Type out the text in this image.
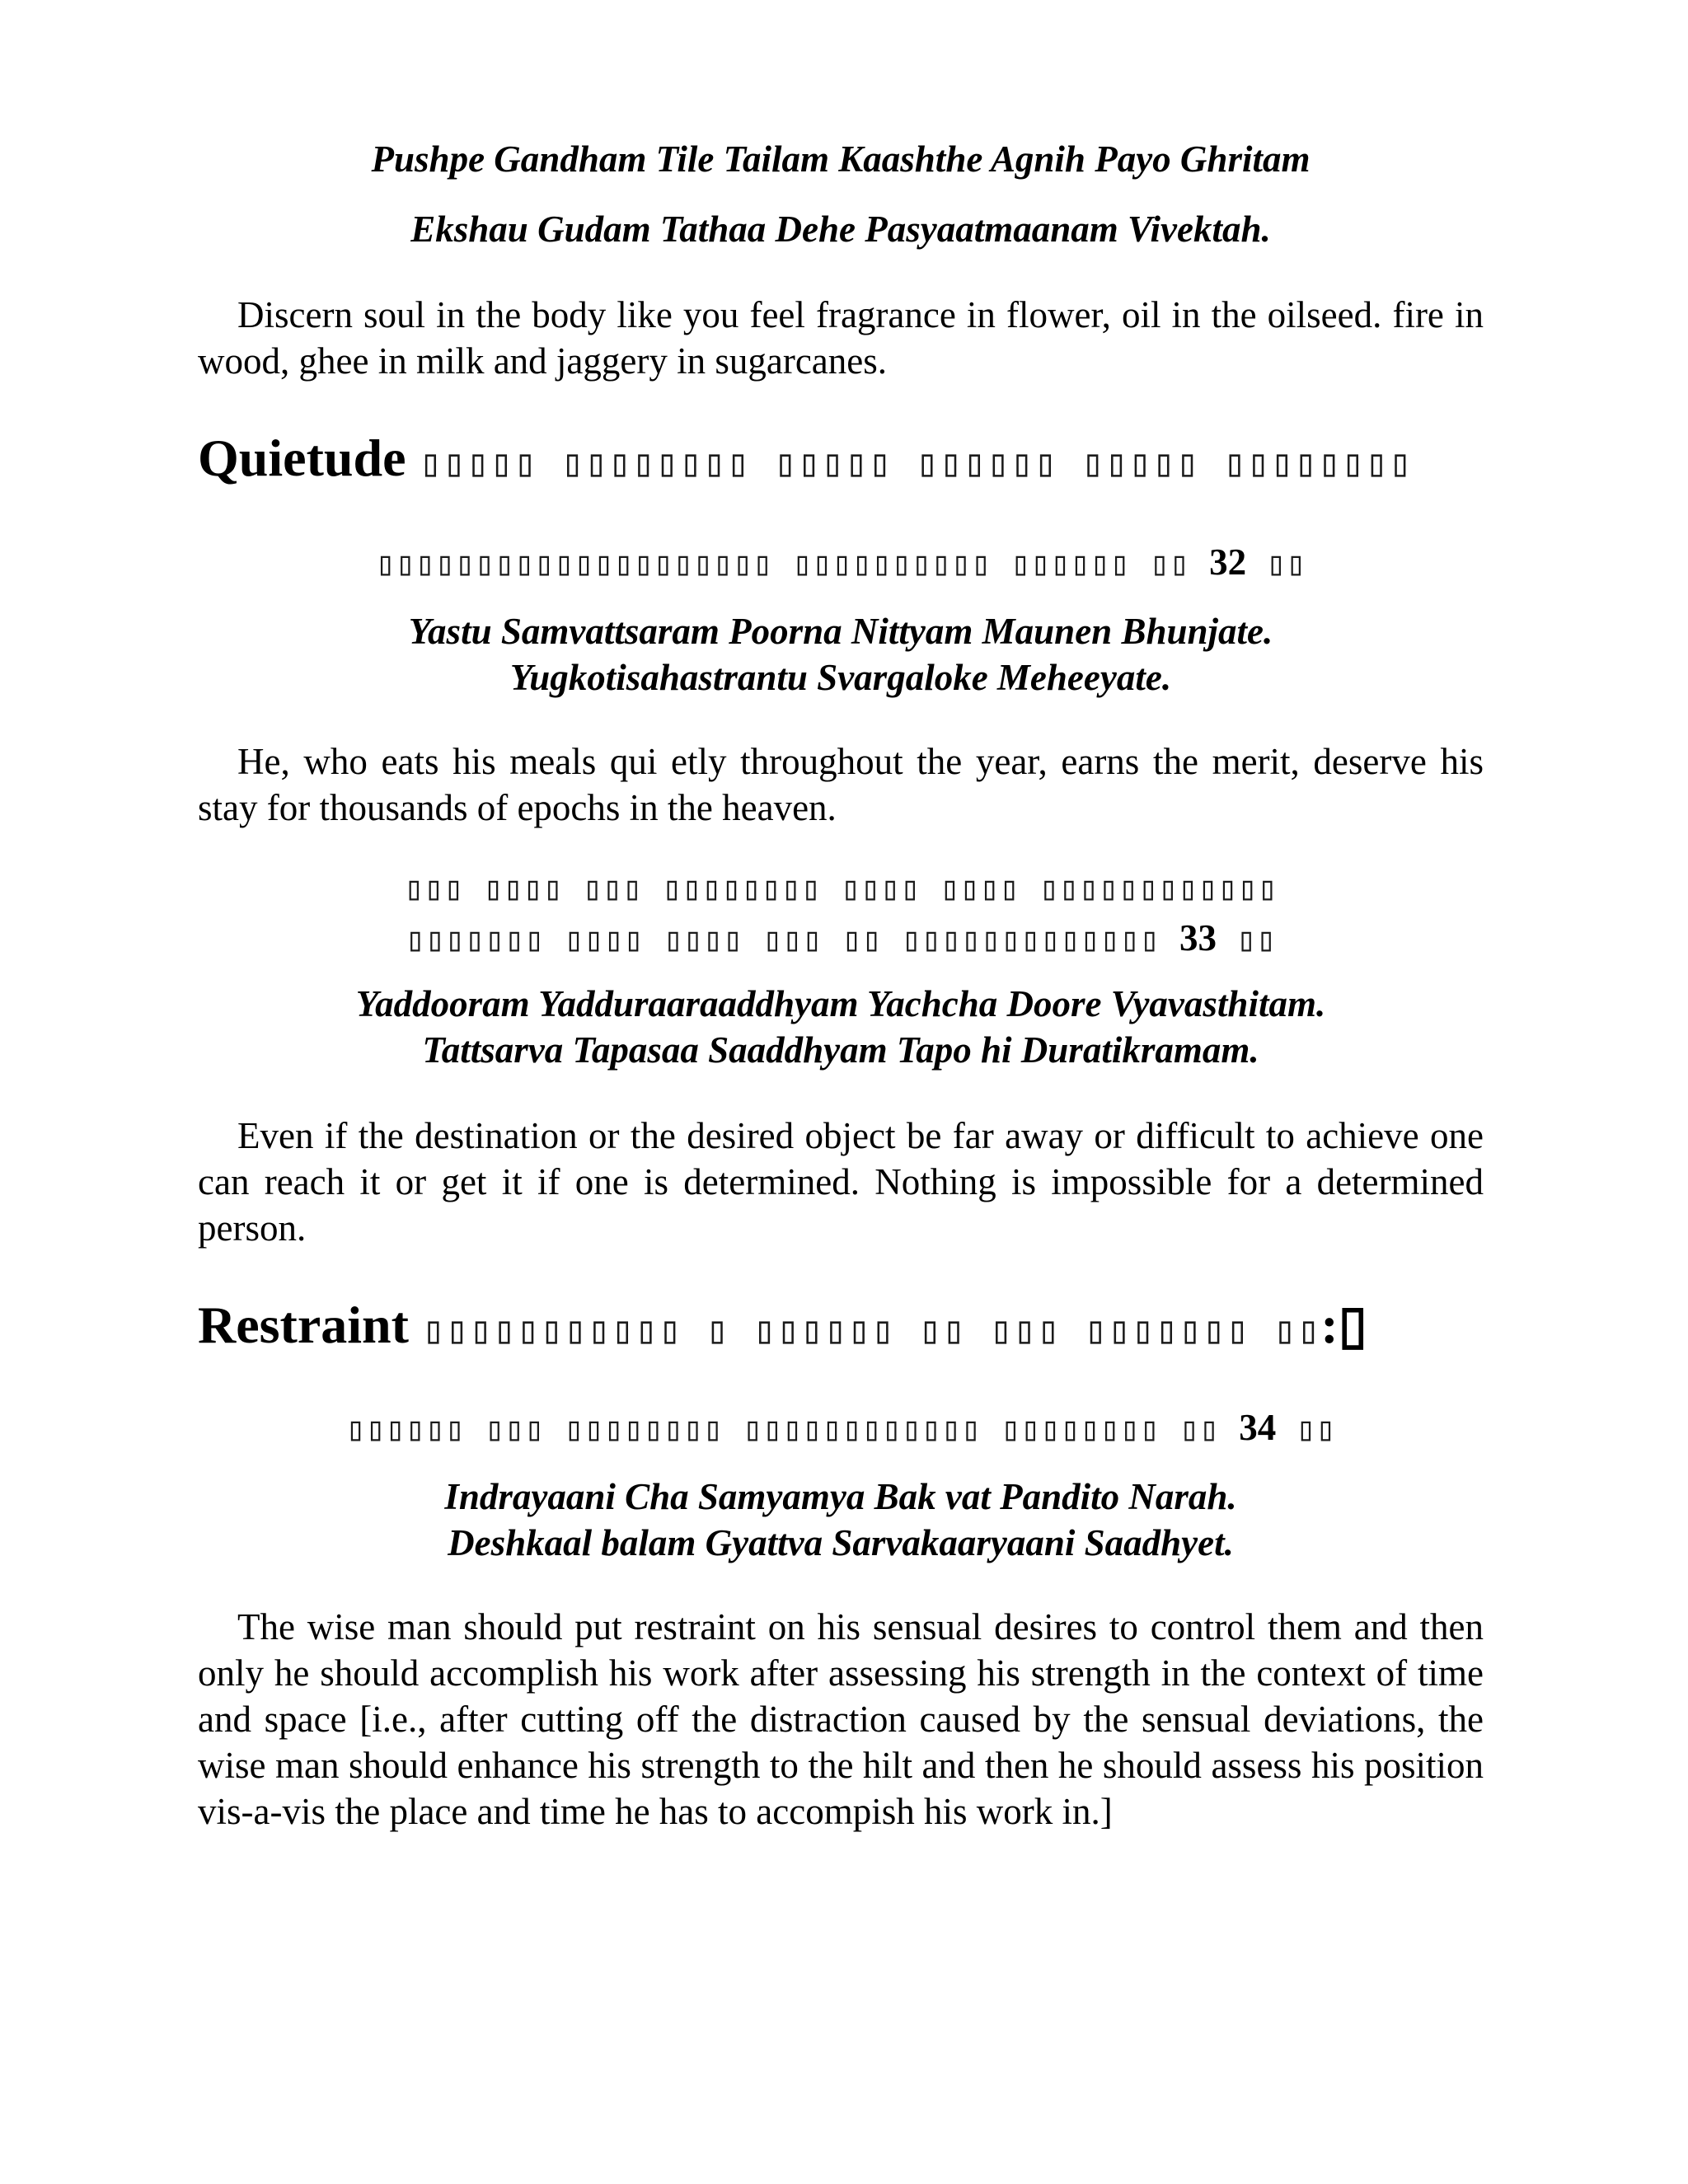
Pushpe Gandham Tile Tailam Kaashthe Agnih Payo Ghritam
Ekshau Gudam Tathaa Dehe Pasyaatmaanam Vivektah.
Discern soul in the body like you feel fragrance in flower, oil in the oilseed. fire in wood, ghee in milk and jaggery in sugarcanes.
Quietude ▯▯▯▯▯ ▯▯▯▯▯▯▯▯ ▯▯▯▯▯ ▯▯▯▯▯▯ ▯▯▯▯▯ ▯▯▯▯▯▯▯▯
▯▯▯▯▯▯▯▯▯▯▯▯▯▯▯▯▯▯▯▯ ▯▯▯▯▯▯▯▯▯▯ ▯▯▯▯▯▯ ▯▯ 32 ▯▯
Yastu Samvattsaram Poorna Nittyam Maunen Bhunjate.
Yugkotisahastrantu Svargaloke Meheeyate.
He, who eats his meals qui etly throughout the year, earns the merit, deserve his stay for thousands of epochs in the heaven.
▯▯▯ ▯▯▯▯ ▯▯▯ ▯▯▯▯▯▯▯▯ ▯▯▯▯ ▯▯▯▯ ▯▯▯▯▯▯▯▯▯▯▯▯
▯▯▯▯▯▯▯ ▯▯▯▯ ▯▯▯▯ ▯▯▯ ▯▯ ▯▯▯▯▯▯▯▯▯▯▯▯▯ 33 ▯▯
Yaddooram Yadduraaraaddhyam Yachcha Doore Vyavasthitam.
Tattsarva Tapasaa Saaddhyam Tapo hi Duratikramam.
Even if the destination or the desired object be far away or difficult to achieve one can reach it or get it if one is determined. Nothing is impossible for a determined person.
Restraint ▯▯▯▯▯▯▯▯▯▯▯ ▯ ▯▯▯▯▯▯ ▯▯ ▯▯▯ ▯▯▯▯▯▯▯ ▯▯:▯
▯▯▯▯▯▯ ▯▯▯ ▯▯▯▯▯▯▯▯ ▯▯▯▯▯▯▯▯▯▯▯▯ ▯▯▯▯▯▯▯▯ ▯▯ 34 ▯▯
Indrayaani Cha Samyamya Bak vat Pandito Narah.
Deshkaal balam Gyattva Sarvakaaryaani Saadhyet.
The wise man should put restraint on his sensual desires to control them and then only he should accomplish his work after assessing his strength in the context of time and space [i.e., after cutting off the distraction caused by the sensual deviations, the wise man should enhance his strength to the hilt and then he should assess his position vis-a-vis the place and time he has to accompish his work in.]
